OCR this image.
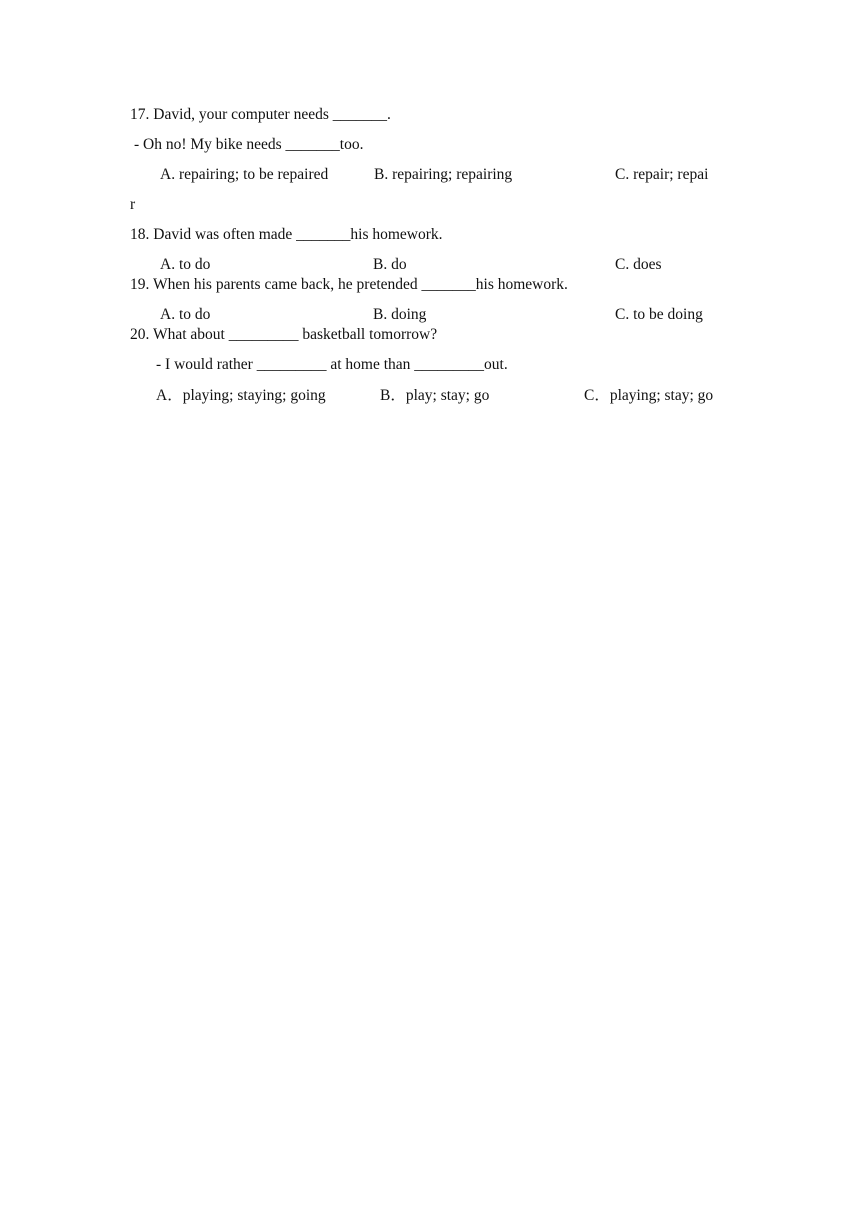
17. David, your computer needs _______.
- Oh no! My bike needs _______too.
A. repairing; to be repaired	B. repairing; repairing	C. repair; repai
r
18. David was often made _______his homework.
A. to do	B. do	C. does
19. When his parents came back, he pretended _______his homework.
A. to do	B. doing	C. to be doing
20. What about _________ basketball tomorrow?
- I would rather _________ at home than _________out.
A．playing; staying; going	B．play; stay; go	C．playing; stay; go
